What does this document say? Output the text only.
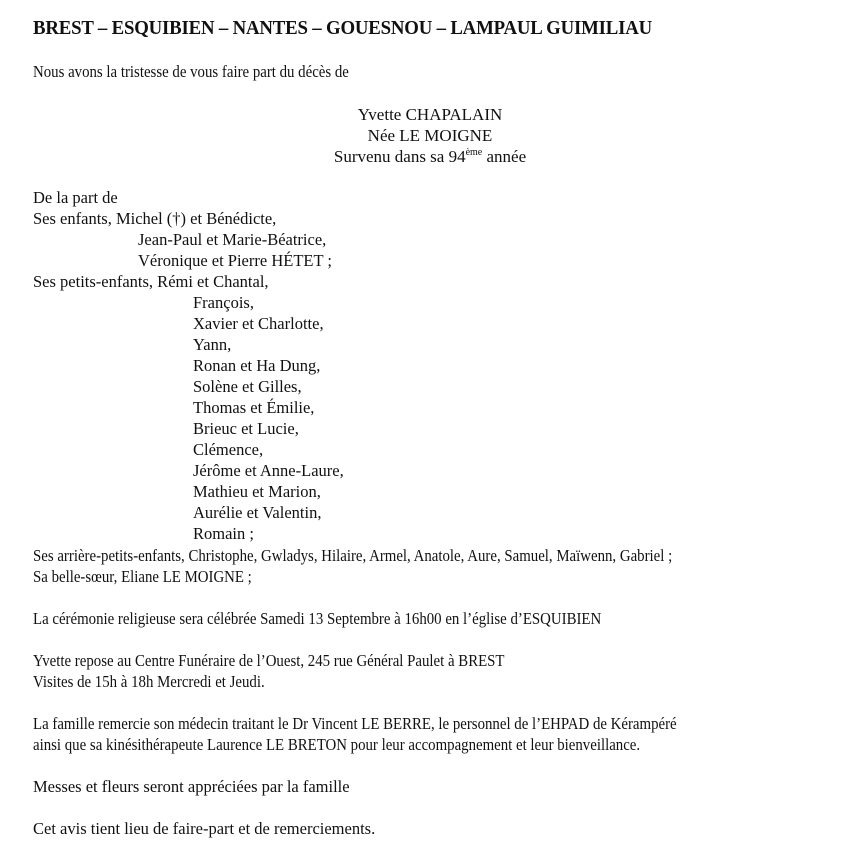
BREST – ESQUIBIEN – NANTES – GOUESNOU – LAMPAUL GUIMILIAU
Nous avons la tristesse de vous faire part du décès de
Yvette CHAPALAIN
Née LE MOIGNE
Survenu dans sa 94ème année
De la part de
Ses enfants, Michel (†) et Bénédicte,
Jean-Paul et Marie-Béatrice,
Véronique et Pierre HÉTET ;
Ses petits-enfants, Rémi et Chantal,
François,
Xavier et Charlotte,
Yann,
Ronan et Ha Dung,
Solène et Gilles,
Thomas et Émilie,
Brieuc et Lucie,
Clémence,
Jérôme et Anne-Laure,
Mathieu et Marion,
Aurélie et Valentin,
Romain ;
Ses arrière-petits-enfants, Christophe, Gwladys, Hilaire, Armel, Anatole, Aure, Samuel, Maïwenn, Gabriel ;
Sa belle-sœur, Eliane LE MOIGNE ;
La cérémonie religieuse sera célébrée Samedi 13 Septembre à 16h00 en l’église d’ESQUIBIEN
Yvette repose au Centre Funéraire de l’Ouest, 245 rue Général Paulet à BREST
Visites de 15h à 18h Mercredi et Jeudi.
La famille remercie son médecin traitant le Dr Vincent LE BERRE, le personnel de l’EHPAD de Kérampéré
ainsi que sa kinésithérapeute Laurence LE BRETON pour leur accompagnement et leur bienveillance.
Messes et fleurs seront appréciées par la famille
Cet avis tient lieu de faire-part et de remerciements.
